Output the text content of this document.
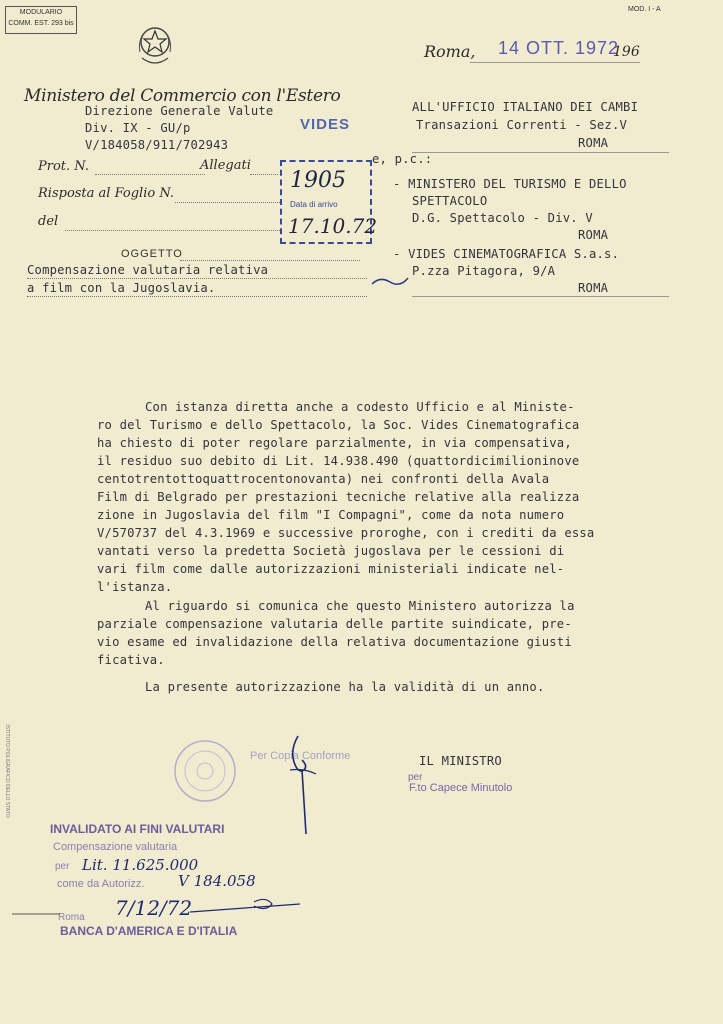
MODULARIO
COMM. EST. 293 bis
MOD. I - A
Ministero del Commercio con l'Estero
Roma, 14 OTT. 1972
196
Direzione Generale Valute
Div. IX - GU/p
V/184058/911/702943
Prot. N.	Allegati
Risposta al Foglio N.
del
VIDES
1905
Data di arrivo
17.10.72
ALL'UFFICIO ITALIANO DEI CAMBI
Transazioni Correnti - Sez.V
ROMA
e, p.c.:
- MINISTERO DEL TURISMO E DELLO
SPETTACOLO
D.G. Spettacolo - Div. V
ROMA
- VIDES CINEMATOGRAFICA S.a.s.
P.zza Pitagora, 9/A
ROMA
OGGETTO
Compensazione valutaria relativa
a film con la Jugoslavia.
Con istanza diretta anche a codesto Ufficio e al Ministe-
ro del Turismo e dello Spettacolo, la Soc. Vides Cinematografica
ha chiesto di poter regolare parzialmente, in via compensativa,
il residuo suo debito di Lit. 14.938.490 (quattordicimilioninove
centotrentottoquattrocentonovanta) nei confronti della Avala
Film di Belgrado per prestazioni tecniche relative alla realizza
zione in Jugoslavia del film "I Compagni", come da nota numero
V/570737 del 4.3.1969 e successive proroghe, con i crediti da essa
vantati verso la predetta Società jugoslava per le cessioni di
vari film come dalle autorizzazioni ministeriali indicate nel-
l'istanza.
Al riguardo si comunica che questo Ministero autorizza la
parziale compensazione valutaria delle partite suindicate, pre-
vio esame ed invalidazione della relativa documentazione giusti
ficativa.
La presente autorizzazione ha la validità di un anno.
ISTITUTO POLIGRAFICO DELLO STATO	Per Copia Conforme	IL MINISTRO
per
F.to Capece Minutolo
INVALIDATO AI FINI VALUTARI
Compensazione valutaria
per Lit. 11.625.000
come da Autorizz. V 184.058
Roma 7/12/72
BANCA D'AMERICA E D'ITALIA
